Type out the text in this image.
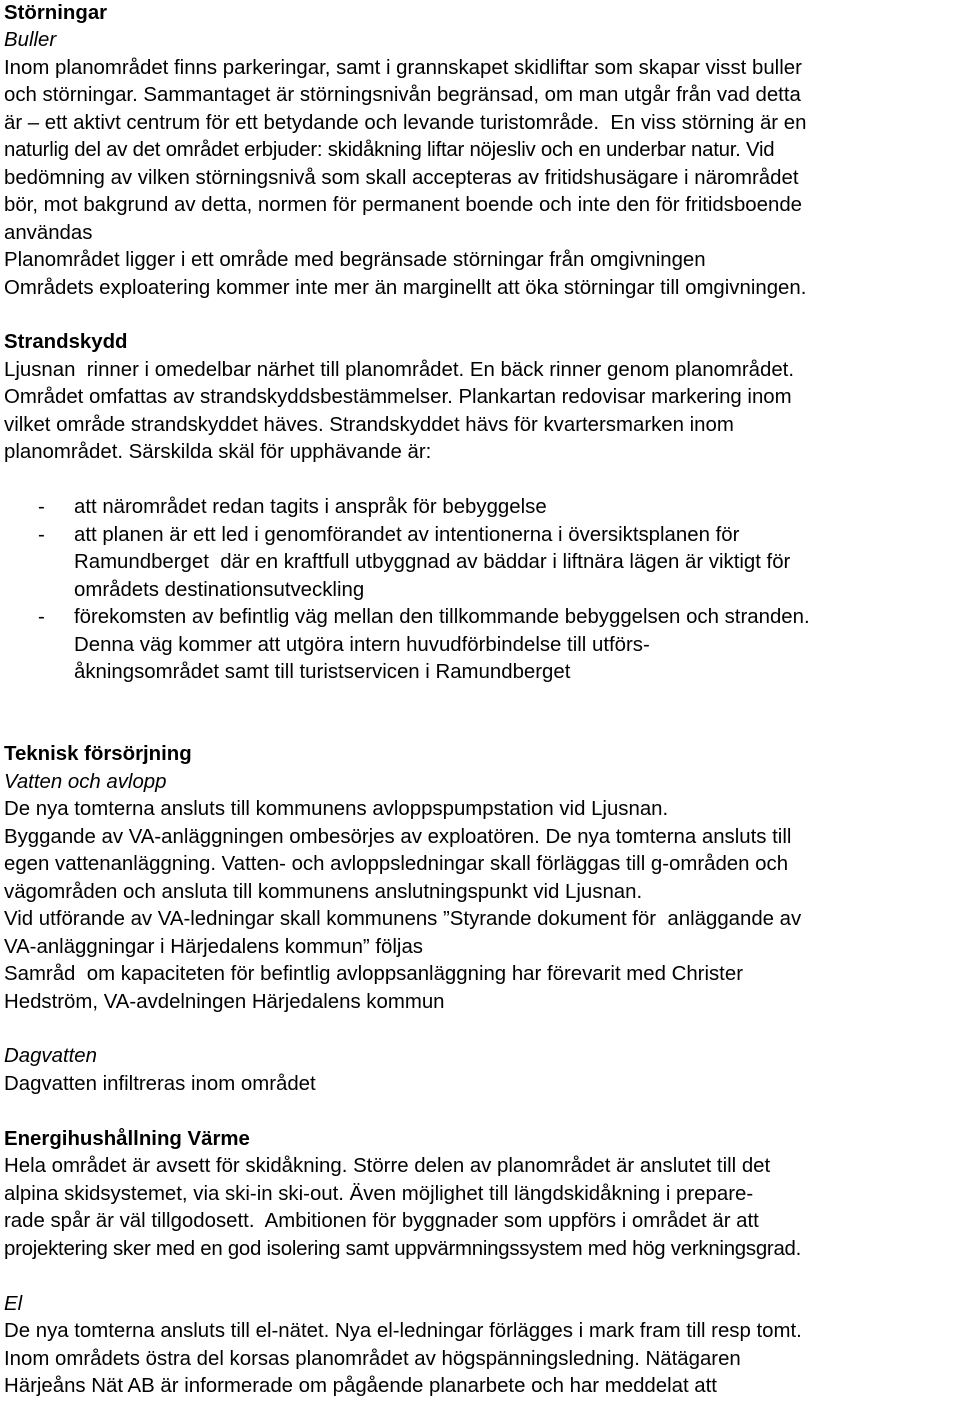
Störningar
Buller
Inom planområdet finns parkeringar, samt i grannskapet skidliftar som skapar visst buller
och störningar. Sammantaget är störningsnivån begränsad, om man utgår från vad detta
är – ett aktivt centrum för ett betydande och levande turistområde.  En viss störning är en
naturlig del av det området erbjuder: skidåkning liftar nöjesliv och en underbar natur. Vid
bedömning av vilken störningsnivå som skall accepteras av fritidshusägare i närområdet
bör, mot bakgrund av detta, normen för permanent boende och inte den för fritidsboende
användas
Planområdet ligger i ett område med begränsade störningar från omgivningen
Områdets exploatering kommer inte mer än marginellt att öka störningar till omgivningen.
Strandskydd
Ljusnan  rinner i omedelbar närhet till planområdet. En bäck rinner genom planområdet.
Området omfattas av strandskyddsbestämmelser. Plankartan redovisar markering inom
vilket område strandskyddet häves. Strandskyddet hävs för kvartersmarken inom
planområdet. Särskilda skäl för upphävande är:
- att närområdet redan tagits i anspråk för bebyggelse
- att planen är ett led i genomförandet av intentionerna i översiktsplanen för
Ramundberget  där en kraftfull utbyggnad av bäddar i liftnära lägen är viktigt för
områdets destinationsutveckling
- förekomsten av befintlig väg mellan den tillkommande bebyggelsen och stranden.
Denna väg kommer att utgöra intern huvudförbindelse till utförs-
åkningsområdet samt till turistservicen i Ramundberget
Teknisk försörjning
Vatten och avlopp
De nya tomterna ansluts till kommunens avloppspumpstation vid Ljusnan.
Byggande av VA-anläggningen ombesörjes av exploatören. De nya tomterna ansluts till
egen vattenanläggning. Vatten- och avloppsledningar skall förläggas till g-områden och
vägområden och ansluta till kommunens anslutningspunkt vid Ljusnan.
Vid utförande av VA-ledningar skall kommunens ”Styrande dokument för  anläggande av
VA-anläggningar i Härjedalens kommun” följas
Samråd  om kapaciteten för befintlig avloppsanläggning har förevarit med Christer
Hedström, VA-avdelningen Härjedalens kommun
Dagvatten
Dagvatten infiltreras inom området
Energihushållning Värme
Hela området är avsett för skidåkning. Större delen av planområdet är anslutet till det
alpina skidsystemet, via ski-in ski-out. Även möjlighet till längdskidåkning i prepare-
rade spår är väl tillgodosett.  Ambitionen för byggnader som uppförs i området är att
projektering sker med en god isolering samt uppvärmningssystem med hög verkningsgrad.
El
De nya tomterna ansluts till el-nätet. Nya el-ledningar förlägges i mark fram till resp tomt.
Inom områdets östra del korsas planområdet av högspänningsledning. Nätägaren
Härjeåns Nät AB är informerade om pågående planarbete och har meddelat att
